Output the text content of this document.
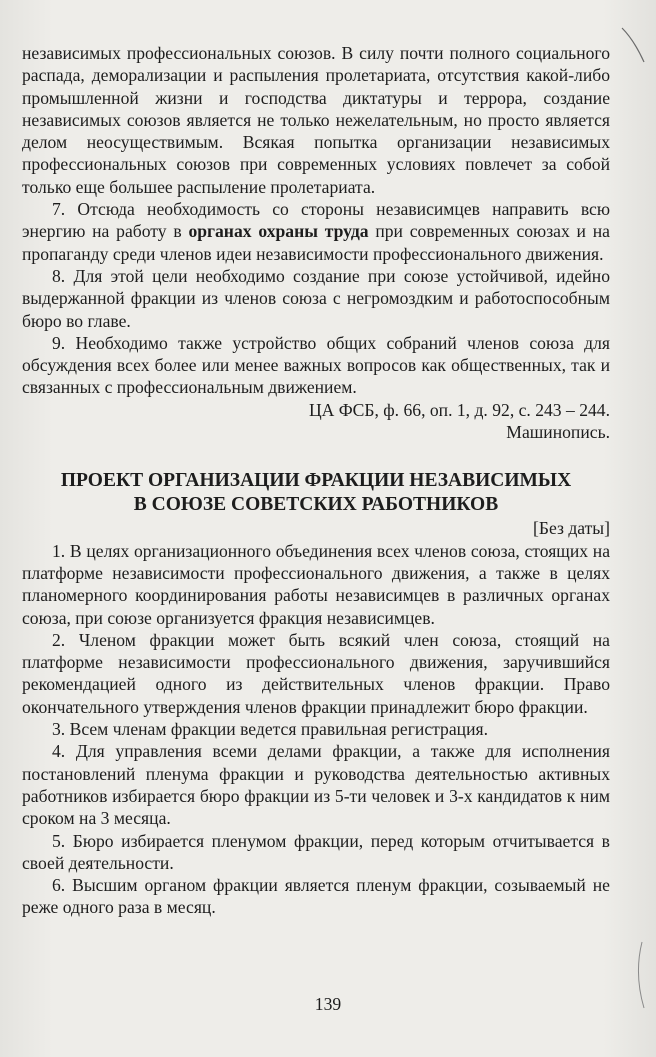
независимых профессиональных союзов. В силу почти полного социального распада, деморализации и распыления пролетариата, отсутствия какой-либо промышленной жизни и господства диктатуры и террора, создание независимых союзов является не только нежелательным, но просто является делом неосуществимым. Всякая попытка организации независимых профессиональных союзов при современных условиях повлечет за собой только еще большее распыление пролетариата.

7. Отсюда необходимость со стороны независимцев направить всю энергию на работу в органах охраны труда при современных союзах и на пропаганду среди членов идеи независимости профессионального движения.

8. Для этой цели необходимо создание при союзе устойчивой, идейно выдержанной фракции из членов союза с негромоздким и работоспособным бюро во главе.

9. Необходимо также устройство общих собраний членов союза для обсуждения всех более или менее важных вопросов как общественных, так и связанных с профессиональным движением.

ЦА ФСБ, ф. 66, оп. 1, д. 92, с. 243 – 244.

Машинопись.

ПРОЕКТ ОРГАНИЗАЦИИ ФРАКЦИИ НЕЗАВИСИМЫХ
В СОЮЗЕ СОВЕТСКИХ РАБОТНИКОВ

[Без даты]

1. В целях организационного объединения всех членов союза, стоящих на платформе независимости профессионального движения, а также в целях планомерного координирования работы независимцев в различных органах союза, при союзе организуется фракция независимцев.

2. Членом фракции может быть всякий член союза, стоящий на платформе независимости профессионального движения, заручившийся рекомендацией одного из действительных членов фракции. Право окончательного утверждения членов фракции принадлежит бюро фракции.

3. Всем членам фракции ведется правильная регистрация.

4. Для управления всеми делами фракции, а также для исполнения постановлений пленума фракции и руководства деятельностью активных работников избирается бюро фракции из 5-ти человек и 3-х кандидатов к ним сроком на 3 месяца.

5. Бюро избирается пленумом фракции, перед которым отчитывается в своей деятельности.

6. Высшим органом фракции является пленум фракции, созываемый не реже одного раза в месяц.

139
